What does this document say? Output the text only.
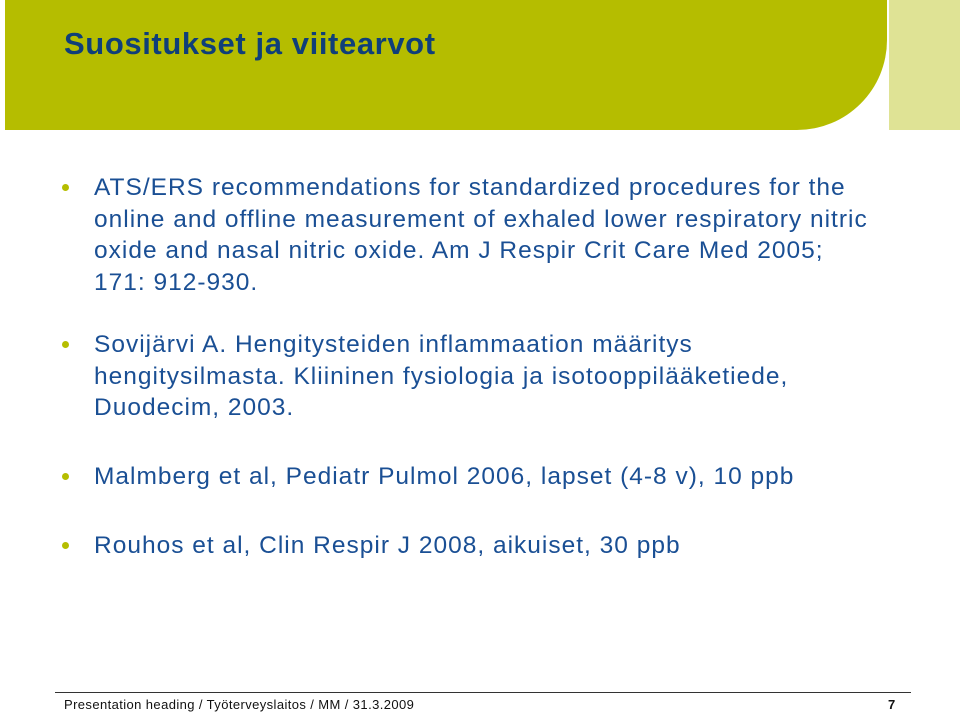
Suositukset ja viitearvot
ATS/ERS recommendations for standardized procedures for the online and offline measurement of exhaled lower respiratory nitric oxide and nasal nitric oxide. Am J Respir Crit Care Med 2005; 171: 912-930.
Sovijärvi A. Hengitysteiden inflammaation määritys hengitysilmasta. Kliininen fysiologia ja isotooppilääketiede, Duodecim, 2003.
Malmberg et al, Pediatr Pulmol 2006, lapset (4-8 v), 10 ppb
Rouhos et al, Clin Respir J 2008, aikuiset, 30 ppb
Presentation heading / Työterveyslaitos / MM / 31.3.2009	7
